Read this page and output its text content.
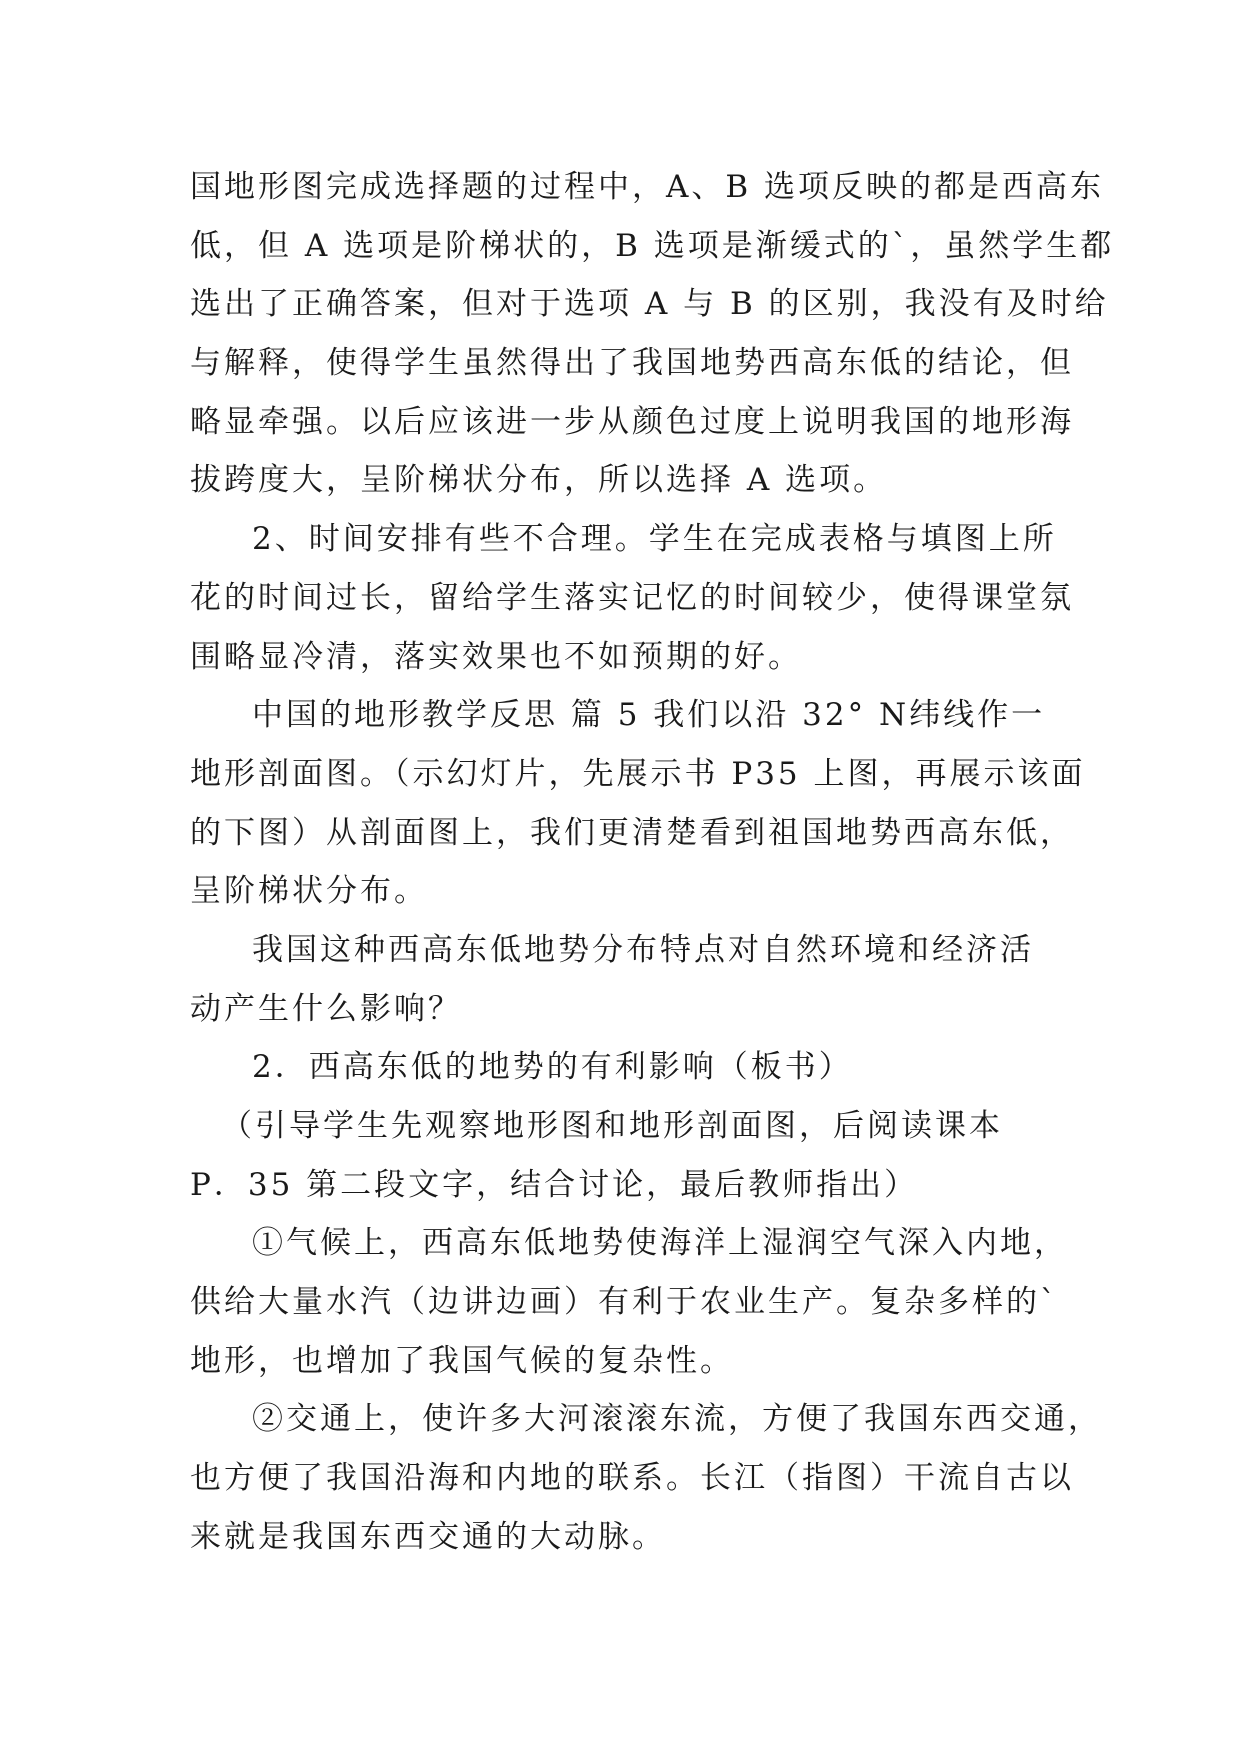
国地形图完成选择题的过程中，A、B 选项反映的都是西高东
低，但 A 选项是阶梯状的，B 选项是渐缓式的`，虽然学生都
选出了正确答案，但对于选项 A 与 B 的区别，我没有及时给
与解释，使得学生虽然得出了我国地势西高东低的结论，但
略显牵强。以后应该进一步从颜色过度上说明我国的地形海
拔跨度大，呈阶梯状分布，所以选择 A 选项。
2、时间安排有些不合理。学生在完成表格与填图上所
花的时间过长，留给学生落实记忆的时间较少，使得课堂氛
围略显冷清，落实效果也不如预期的好。
中国的地形教学反思 篇 5 我们以沿 32° N纬线作一
地形剖面图。（示幻灯片，先展示书 P35 上图，再展示该面
的下图）从剖面图上，我们更清楚看到祖国地势西高东低，
呈阶梯状分布。
我国这种西高东低地势分布特点对自然环境和经济活
动产生什么影响？
2．西高东低的地势的有利影响（板书）
（引导学生先观察地形图和地形剖面图，后阅读课本
P．35 第二段文字，结合讨论，最后教师指出）
①气候上，西高东低地势使海洋上湿润空气深入内地，
供给大量水汽（边讲边画）有利于农业生产。复杂多样的`
地形，也增加了我国气候的复杂性。
②交通上，使许多大河滚滚东流，方便了我国东西交通，
也方便了我国沿海和内地的联系。长江（指图）干流自古以
来就是我国东西交通的大动脉。
